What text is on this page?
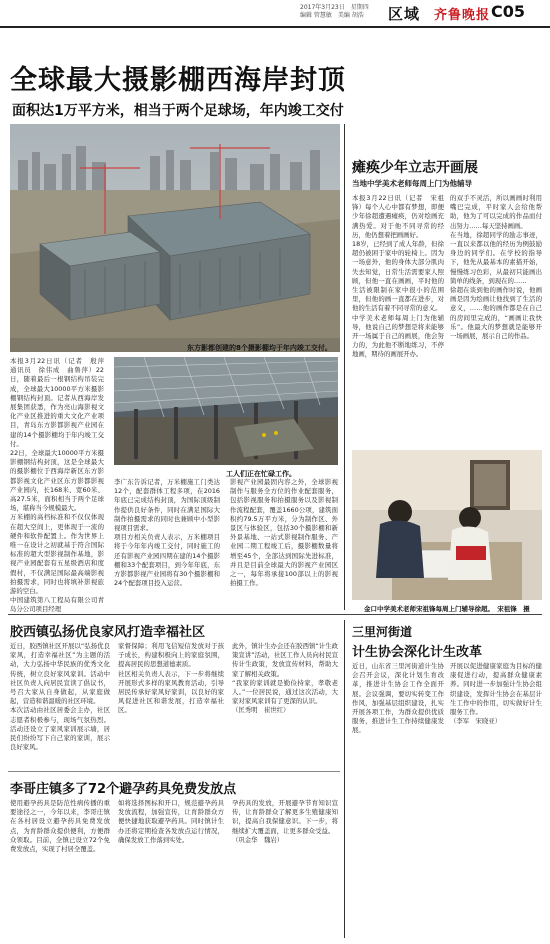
2017年3月23日　星期四
编辑 管慧敏　美编 胡浩	区域 齐鲁晚报 C05
全球最大摄影棚西海岸封顶
面积达1万平方米，相当于两个足球场，年内竣工交付
东方影都创建的8个摄影棚均于年内竣工交付。
本报3月22日讯（记者　殷萍　通讯员　徐伟成　曲鲁萍）22日，随着最后一根钢结构吊装完成，全球最大10000平方米摄影棚钢结构封顶。记者从西海岸发展集团获悉，作为亮山海影视文化产业区推进的重大文化产业项目，青岛东方影都影视产业园在建的14个摄影棚均于年内竣工交付。
22日，全球最大10000平方米摄影棚钢结构封顶，这是全球最大的摄影棚位于西海岸新区东方影都影视文化产业区东方影都影视产业园内，长168米、宽60米、高27.5米，面积相当于两个足球场，堪称当今规模最大。
万米棚的高档标准和不仅仅体现在超大空间上，更体现于一流的硬件和软件配置上。作为世界上唯一在设计之初就基于符合国际标准的超大型影视制作基地，影视产业园配套有五星级酒店和度假村，不仅满足国际最高端影视拍摄需求，同时也将填补影视旅游的空白。
中国建筑第八工程局有限公司青岛分公司项目经理
工人们正在忙碌工作。
李广东告诉记者，万米棚施工门类达12个，配套群体工程多项，在2016年底已完成结构封顶，为国际顶级制作提供良好条件，同时在满足国际大制作拍摄需求的同时也兼顾中小型影视项目需求。
项目方相关负责人表示，万米棚项目将于今年年内竣工交付，同时施工的还有影视产业园四期在建的14个摄影棚和33个配套项目，到今年年底，东方影都影视产业园将有30个摄影棚和24个配套项目投入运营。
影视产业园最固内容之外，全球影视制作与服务全方位的作业配套服务，包括影视服务和拍摄服务以及影视制作流程配套，覆盖1660公项，建筑面积约79.5万平方米，分为制作区、外景区与体验区，包括30个摄影棚和新外景基地、一站式影视制作服务、产业园二期工程竣工后，摄影棚数量将增至45个，全部达到国际先进标准，并且是目前全球最大的影视产业园区之一，每年将承接100部以上的影视拍摄工作。
瘫痪少年立志开画展
当地中学美术老师每周上门为他辅导
本报3月22日讯（记者　宋祖锋）每个人心中都有梦想，即便少年徐超遭遇瘫痪，仍对绘画充满热爱。对于他不同寻常的经历，他仍想着把画画好。
18岁，已经到了成人年龄，但徐超仍被困于家中的轮椅上。因为一场意外，他的身体大部分肌肉失去知觉，日常生活需要家人照顾，但他一直在画画，平时他的生活被限制在家中很小的范围里，但他的画一直都在进步，对他的生活有着不同寻常的意义。
中学美术老师每周上门为他辅导，他说自己的梦想是将来能够开一场属于自己的画展，他会努力的，为此他不断地练习，不停地画，期待的画展开办。
的双手不灵活，所以画画时利用嘴巴完成，平时家人会给他帮助，他为了可以完成的作品而付出努力……每天坚持画画。
在当地，徐超同学的励志事迹，一直以来都以他的经历为例鼓励身边的同学们。在学校的指导下，他先从最基本的素描开始，慢慢练习色彩，从最初只能画出简单的线条，到现在的……
徐超在谈到他的画作时说，他画画是因为绘画让他找到了生活的意义，……他的画作都是在自己的房间里完成的，“画画让我快乐”。他最大的梦想就是能够开一场画展，展示自己的作品。
金口中学美术老师宋祖锋每周上门辅导徐超。　宋祖锋　摄
胶西镇弘扬优良家风打造幸福社区
近日，胶西镇社区开展以“弘扬优良家风，打造幸福社区”为主题的活动，大力弘扬中华民族的优秀文化传统，树立良好家风家训。活动中社区负责人向居民宣读了倡议书，号召大家从自身做起，从家庭做起，营造和谐温暖的社区环境。
本次活动由社区居委会主办，社区志愿者积极参与，现场气氛热烈。活动还设立了家风家训展示墙，居民们纷纷写下自己家的家训，展示良好家风。
家督保障；利用飞信短信发放对于孩子成长，构建积极向上的家庭氛围，提高居民的思想道德素质。
社区相关负责人表示，下一步将继续开展形式多样的家风教育活动，引导居民传承好家风好家训，以良好的家风促进社区和谐发展，打造幸福社区。
此外，镇计生办会还在胶西镇“计生政策宣讲”活动，社区工作人员向村民宣传计生政策，发放宣传材料，帮助大家了解相关政策。
“我家的家训就是勤俭持家，孝敬老人。”一位居民说，通过这次活动，大家对家风家训有了更深的认识。
（匡秀明　崔世红）
李哥庄镇多了72个避孕药具免费发放点
使用避孕药具是防范性病传播的重要途径之一，今年以来，李哥庄镇在各村居设立避孕药具免费发放点，为育龄群众提供便利，方便群众领取。目前，全镇已设立72个免费发放点，实现了村居全覆盖。
如将选择图标和开口，规范避孕药具发放流程，加强宣传，让育龄群众方便快捷地获取避孕药具。同时镇计生办还将定期检查各发放点运行情况，确保发放工作落到实处。
孕药具的发放，开展避孕节育知识宣传，让育龄群众了解更多生殖健康知识，提高自我保健意识。下一步，将继续扩大覆盖面，让更多群众受益。
（巩金华　魏岩）
三里河街道
计生协会深化计生改革
近日，山东省三里河街道计生协会召开会议，深化计划生育改革，推进计生协会工作全面开展。会议强调，要切实转变工作作风，加强基层组织建设，扎实开展各项工作，为群众提供优质服务，推进计生工作持续健康发展。
开展以促进健康家庭为目标的健康促进行动，提高群众健康素养。同时进一步加强计生协会组织建设，发挥计生协会在基层计生工作中的作用，切实做好计生服务工作。
（李军　宋晓亚）
